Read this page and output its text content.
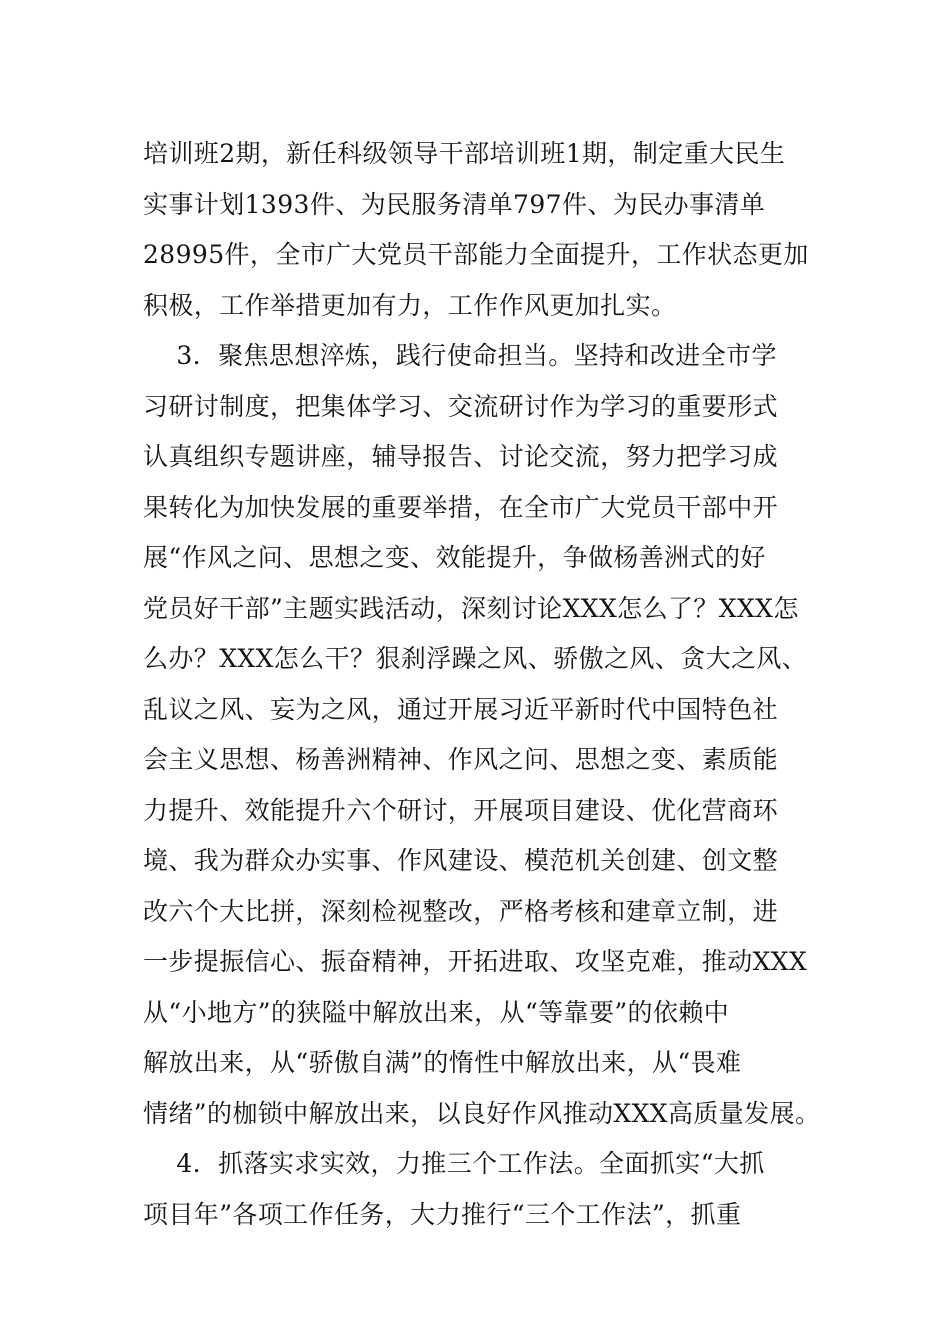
培训班2期，新任科级领导干部培训班1期，制定重大民生
实事计划1393件、为民服务清单797件、为民办事清单
28995件，全市广大党员干部能力全面提升，工作状态更加
积极，工作举措更加有力，工作作风更加扎实。
3．聚焦思想淬炼，践行使命担当。坚持和改进全市学
习研讨制度，把集体学习、交流研讨作为学习的重要形式
认真组织专题讲座，辅导报告、讨论交流，努力把学习成
果转化为加快发展的重要举措，在全市广大党员干部中开
展“作风之问、思想之变、效能提升，争做杨善洲式的好
党员好干部”主题实践活动，深刻讨论XXX怎么了？XXX怎
么办？XXX怎么干？狠刹浮躁之风、骄傲之风、贪大之风、
乱议之风、妄为之风，通过开展习近平新时代中国特色社
会主义思想、杨善洲精神、作风之问、思想之变、素质能
力提升、效能提升六个研讨，开展项目建设、优化营商环
境、我为群众办实事、作风建设、模范机关创建、创文整
改六个大比拼，深刻检视整改，严格考核和建章立制，进
一步提振信心、振奋精神，开拓进取、攻坚克难，推动XXX
从“小地方”的狭隘中解放出来，从“等靠要”的依赖中
解放出来，从“骄傲自满”的惰性中解放出来，从“畏难
情绪”的枷锁中解放出来，以良好作风推动XXX高质量发展。
4．抓落实求实效，力推三个工作法。全面抓实“大抓
项目年”各项工作任务，大力推行“三个工作法”，抓重
